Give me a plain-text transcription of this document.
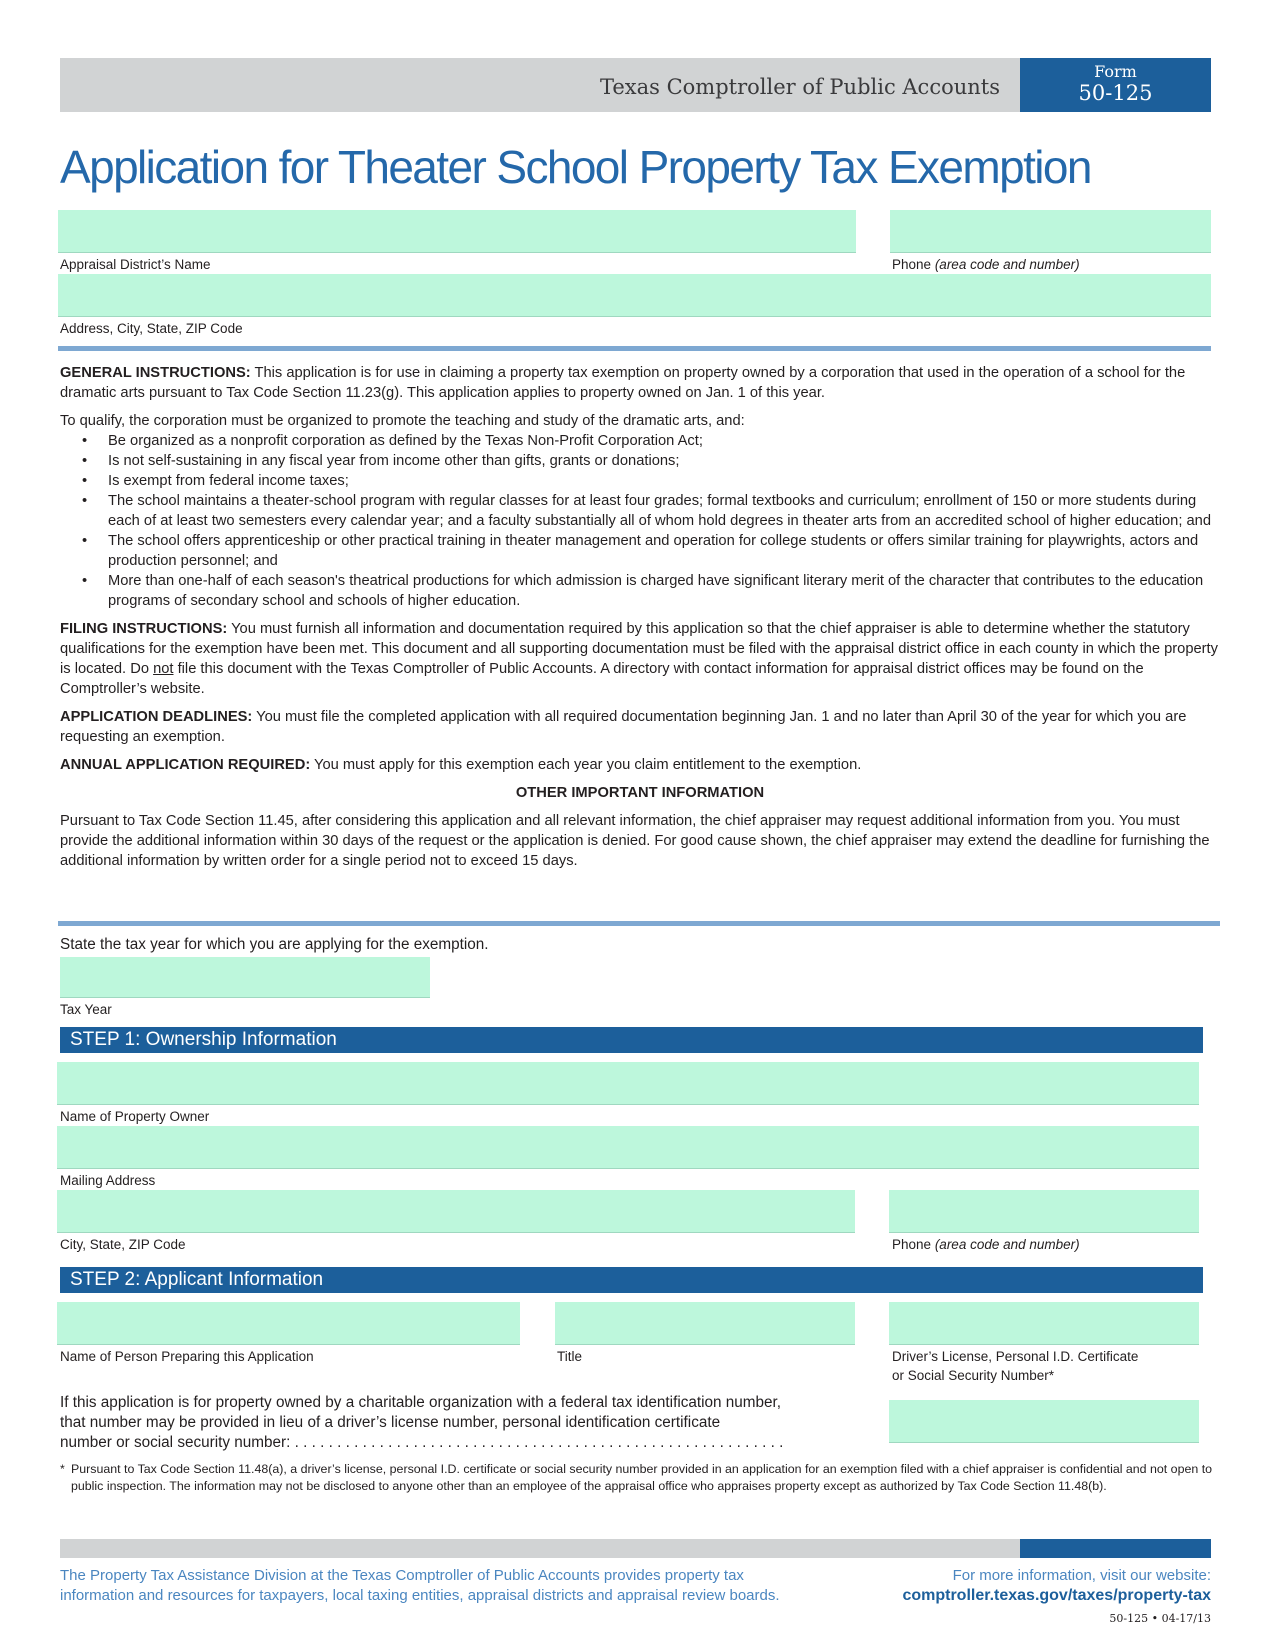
Texas Comptroller of Public Accounts
Form
50-125
Application for Theater School Property Tax Exemption
Appraisal District’s Name	Phone (area code and number)
Address, City, State, ZIP Code

GENERAL INSTRUCTIONS: This application is for use in claiming a property tax exemption on property owned by a corporation that used in the operation of a school for the dramatic arts pursuant to Tax Code Section 11.23(g). This application applies to property owned on Jan. 1 of this year.

To qualify, the corporation must be organized to promote the teaching and study of the dramatic arts, and:
• Be organized as a nonprofit corporation as defined by the Texas Non-Profit Corporation Act;
• Is not self-sustaining in any fiscal year from income other than gifts, grants or donations;
• Is exempt from federal income taxes;
• The school maintains a theater-school program with regular classes for at least four grades; formal textbooks and curriculum; enrollment of 150 or more students during each of at least two semesters every calendar year; and a faculty substantially all of whom hold degrees in theater arts from an accredited school of higher education; and
• The school offers apprenticeship or other practical training in theater management and operation for college students or offers similar training for playwrights, actors and production personnel; and
• More than one-half of each season's theatrical productions for which admission is charged have significant literary merit of the character that contributes to the education programs of secondary school and schools of higher education.

FILING INSTRUCTIONS: You must furnish all information and documentation required by this application so that the chief appraiser is able to determine whether the statutory qualifications for the exemption have been met. This document and all supporting documentation must be filed with the appraisal district office in each county in which the property is located. Do not file this document with the Texas Comptroller of Public Accounts. A directory with contact information for appraisal district offices may be found on the Comptroller’s website.

APPLICATION DEADLINES: You must file the completed application with all required documentation beginning Jan. 1 and no later than April 30 of the year for which you are requesting an exemption.

ANNUAL APPLICATION REQUIRED: You must apply for this exemption each year you claim entitlement to the exemption.

OTHER IMPORTANT INFORMATION

Pursuant to Tax Code Section 11.45, after considering this application and all relevant information, the chief appraiser may request additional information from you. You must provide the additional information within 30 days of the request or the application is denied. For good cause shown, the chief appraiser may extend the deadline for furnishing the additional information by written order for a single period not to exceed 15 days.

State the tax year for which you are applying for the exemption.
Tax Year
STEP 1: Ownership Information
Name of Property Owner
Mailing Address
City, State, ZIP Code	Phone (area code and number)
STEP 2: Applicant Information
Name of Person Preparing this Application	Title	Driver’s License, Personal I.D. Certificate
or Social Security Number*
If this application is for property owned by a charitable organization with a federal tax identification number,
that number may be provided in lieu of a driver’s license number, personal identification certificate
number or social security number: . . . . . . . . . . . . . . . . . . . . . . . . . . . . . . . . . . . . . . . . . . . . . . . . . . . . . . . . . .
* Pursuant to Tax Code Section 11.48(a), a driver’s license, personal I.D. certificate or social security number provided in an application for an exemption filed with a chief appraiser is confidential and not open to public inspection. The information may not be disclosed to anyone other than an employee of the appraisal office who appraises property except as authorized by Tax Code Section 11.48(b).
The Property Tax Assistance Division at the Texas Comptroller of Public Accounts provides property tax
information and resources for taxpayers, local taxing entities, appraisal districts and appraisal review boards.
For more information, visit our website:
comptroller.texas.gov/taxes/property-tax
50-125 • 04-17/13
